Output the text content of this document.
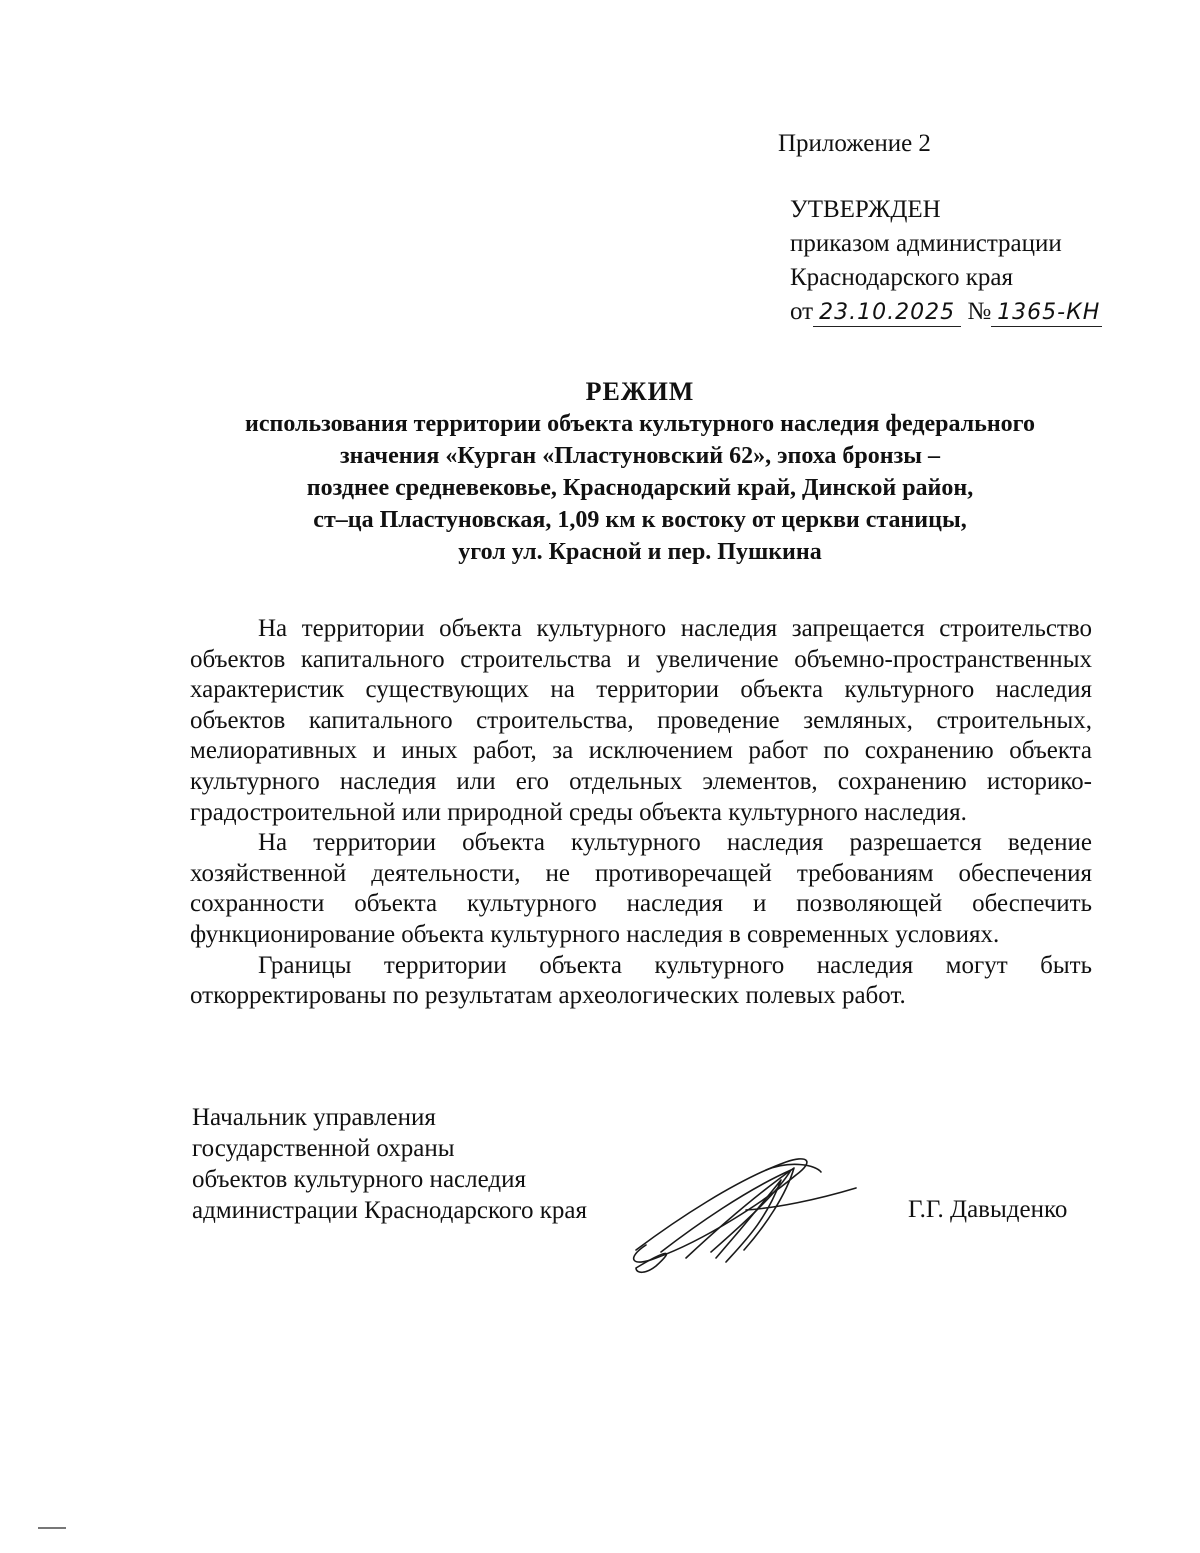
Приложение 2
УТВЕРЖДЕН
приказом администрации
Краснодарского края
от 23.10.2025 № 1365-КН
РЕЖИМ
использования территории объекта культурного наследия федерального
значения «Курган «Пластуновский 62», эпоха бронзы –
позднее средневековье, Краснодарский край, Динской район,
ст–ца Пластуновская, 1,09 км к востоку от церкви станицы,
угол ул. Красной и пер. Пушкина

На территории объекта культурного наследия запрещается строительство объектов капитального строительства и увеличение объемно-пространственных характеристик существующих на территории объекта культурного наследия объектов капитального строительства, проведение земляных, строительных, мелиоративных и иных работ, за исключением работ по сохранению объекта культурного наследия или его отдельных элементов, сохранению историко-градостроительной или природной среды объекта культурного наследия.

На территории объекта культурного наследия разрешается ведение хозяйственной деятельности, не противоречащей требованиям обеспечения сохранности объекта культурного наследия и позволяющей обеспечить функционирование объекта культурного наследия в современных условиях.

Границы территории объекта культурного наследия могут быть откорректированы по результатам археологических полевых работ.

Начальник управления
государственной охраны
объектов культурного наследия
администрации Краснодарского края	Г.Г. Давыденко
